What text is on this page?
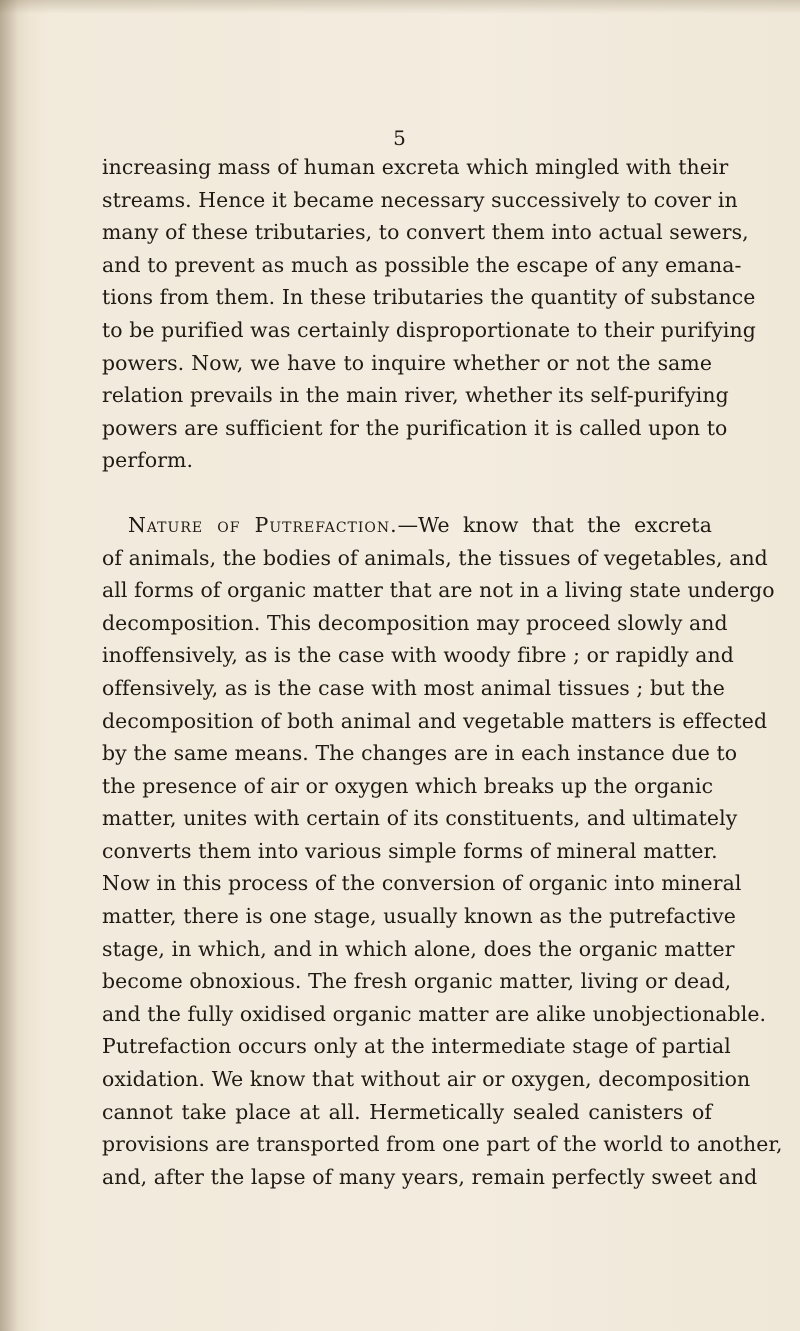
5
increasing mass of human excreta which mingled with their
streams. Hence it became necessary successively to cover in
many of these tributaries, to convert them into actual sewers,
and to prevent as much as possible the escape of any emana-
tions from them. In these tributaries the quantity of substance
to be purified was certainly disproportionate to their purifying
powers. Now, we have to inquire whether or not the same
relation prevails in the main river, whether its self-purifying
powers are sufficient for the purification it is called upon to
perform.
Nature of Putrefaction.—We know that the excreta
of animals, the bodies of animals, the tissues of vegetables, and
all forms of organic matter that are not in a living state undergo
decomposition. This decomposition may proceed slowly and
inoffensively, as is the case with woody fibre ; or rapidly and
offensively, as is the case with most animal tissues ; but the
decomposition of both animal and vegetable matters is effected
by the same means. The changes are in each instance due to
the presence of air or oxygen which breaks up the organic
matter, unites with certain of its constituents, and ultimately
converts them into various simple forms of mineral matter.
Now in this process of the conversion of organic into mineral
matter, there is one stage, usually known as the putrefactive
stage, in which, and in which alone, does the organic matter
become obnoxious. The fresh organic matter, living or dead,
and the fully oxidised organic matter are alike unobjectionable.
Putrefaction occurs only at the intermediate stage of partial
oxidation. We know that without air or oxygen, decomposition
cannot take place at all. Hermetically sealed canisters of
provisions are transported from one part of the world to another,
and, after the lapse of many years, remain perfectly sweet and
